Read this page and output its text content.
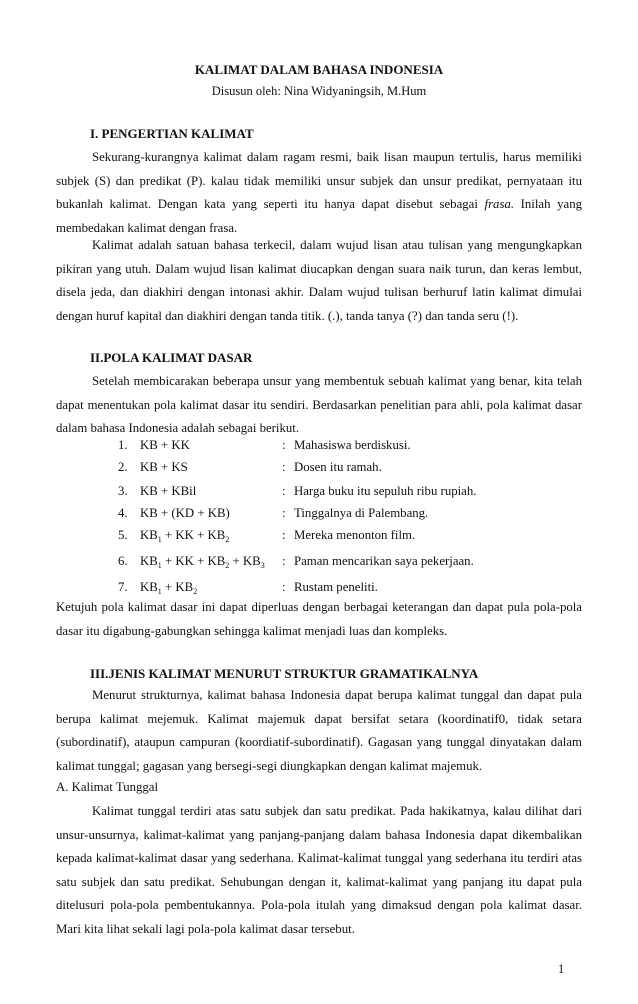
KALIMAT DALAM BAHASA INDONESIA
Disusun oleh: Nina Widyaningsih, M.Hum
I. PENGERTIAN KALIMAT

Sekurang-kurangnya kalimat dalam ragam resmi, baik lisan maupun tertulis, harus memiliki subjek (S) dan predikat (P). kalau tidak memiliki unsur subjek dan unsur predikat, pernyataan itu bukanlah kalimat. Dengan kata yang seperti itu hanya dapat disebut sebagai frasa. Inilah yang membedakan kalimat dengan frasa.

Kalimat adalah satuan bahasa terkecil, dalam wujud lisan atau tulisan yang mengungkapkan pikiran yang utuh. Dalam wujud lisan kalimat diucapkan dengan suara naik turun, dan keras lembut, disela jeda, dan diakhiri dengan intonasi akhir. Dalam wujud tulisan berhuruf latin kalimat dimulai dengan huruf kapital dan diakhiri dengan tanda titik. (.), tanda tanya (?) dan tanda seru (!).

II.POLA KALIMAT DASAR

Setelah membicarakan beberapa unsur yang membentuk sebuah kalimat yang benar, kita telah dapat menentukan pola kalimat dasar itu sendiri. Berdasarkan penelitian para ahli, pola kalimat dasar dalam bahasa Indonesia adalah sebagai berikut.

1. KB + KK	: Mahasiswa berdiskusi.
2. KB + KS	: Dosen itu ramah.
3. KB + KBil	: Harga buku itu sepuluh ribu rupiah.
4. KB + (KD + KB)	: Tinggalnya di Palembang.
5. $KB_1$ + KK + $KB_2$	: Mereka menonton film.
6. $KB_1$ + KK + $KB_2 + KB_3$ : Paman mencarikan saya pekerjaan.
7. $KB_1 + KB_2$	: Rustam peneliti.

Ketujuh pola kalimat dasar ini dapat diperluas dengan berbagai keterangan dan dapat pula pola-pola dasar itu digabung-gabungkan sehingga kalimat menjadi luas dan kompleks.

III.JENIS KALIMAT MENURUT STRUKTUR GRAMATIKALNYA

Menurut strukturnya, kalimat bahasa Indonesia dapat berupa kalimat tunggal dan dapat pula berupa kalimat mejemuk. Kalimat majemuk dapat bersifat setara (koordinatif0, tidak setara (subordinatif), ataupun campuran (koordiatif-subordinatif). Gagasan yang tunggal dinyatakan dalam kalimat tunggal; gagasan yang bersegi-segi diungkapkan dengan kalimat majemuk.

A. Kalimat Tunggal

Kalimat tunggal terdiri atas satu subjek dan satu predikat. Pada hakikatnya, kalau dilihat dari unsur-unsurnya, kalimat-kalimat yang panjang-panjang dalam bahasa Indonesia dapat dikembalikan kepada kalimat-kalimat dasar yang sederhana. Kalimat-kalimat tunggal yang sederhana itu terdiri atas satu subjek dan satu predikat. Sehubungan dengan it, kalimat-kalimat yang panjang itu dapat pula ditelusuri pola-pola pembentukannya. Pola-pola itulah yang dimaksud dengan pola kalimat dasar. Mari kita lihat sekali lagi pola-pola kalimat dasar tersebut.

1
